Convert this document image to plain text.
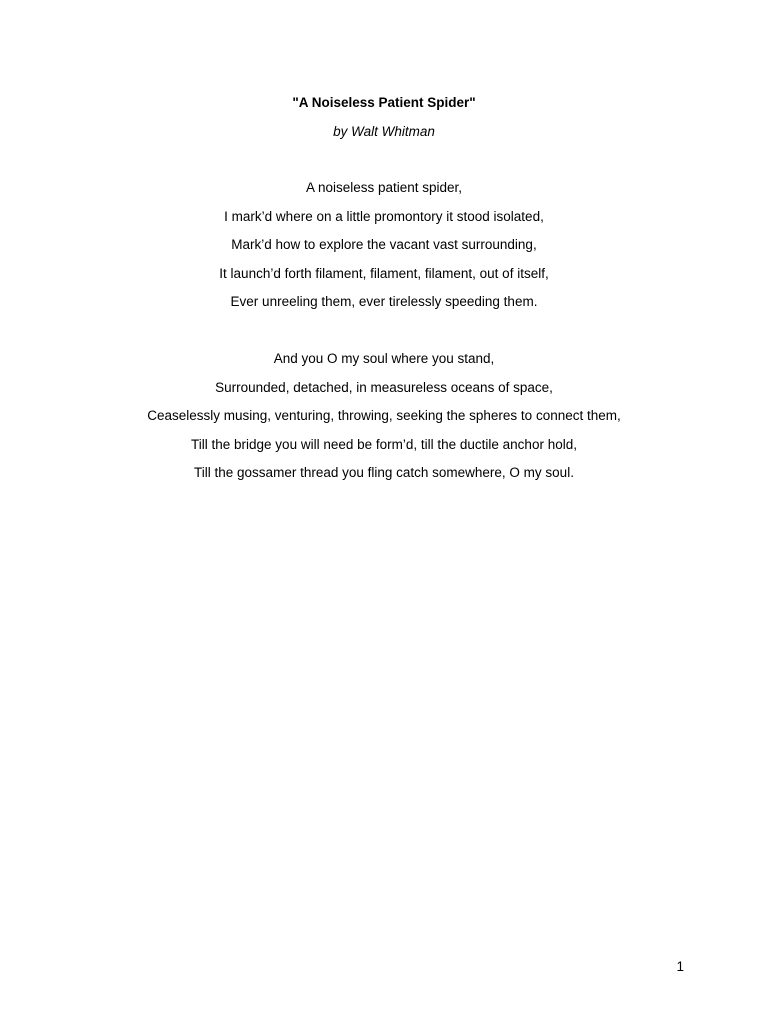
"A Noiseless Patient Spider"
by Walt Whitman
A noiseless patient spider,
I mark’d where on a little promontory it stood isolated,
Mark’d how to explore the vacant vast surrounding,
It launch’d forth filament, filament, filament, out of itself,
Ever unreeling them, ever tirelessly speeding them.
And you O my soul where you stand,
Surrounded, detached, in measureless oceans of space,
Ceaselessly musing, venturing, throwing, seeking the spheres to connect them,
Till the bridge you will need be form’d, till the ductile anchor hold,
Till the gossamer thread you fling catch somewhere, O my soul.
1
